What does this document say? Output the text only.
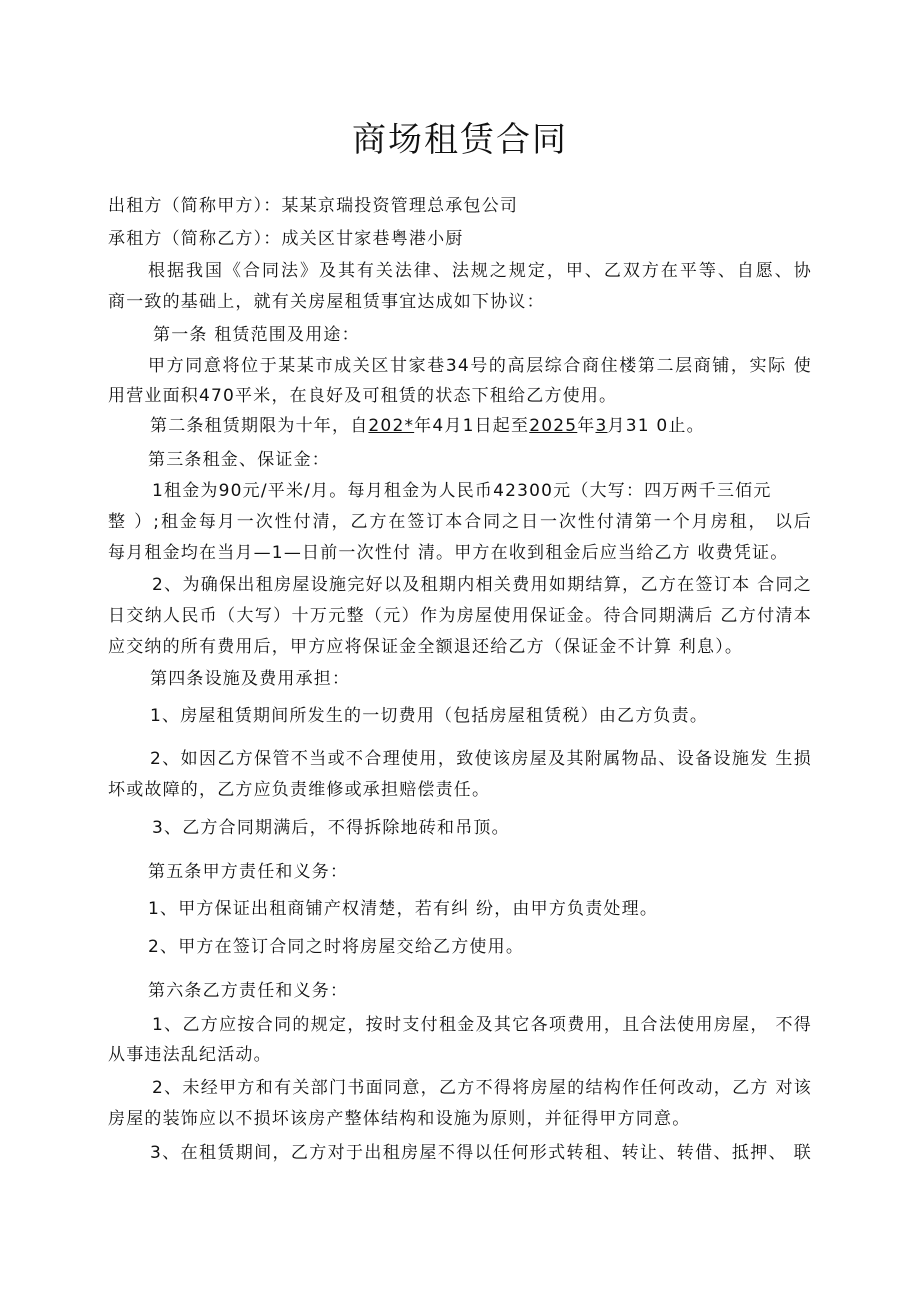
商场租赁合同
出租方（简称甲方）：某某京瑞投资管理总承包公司
承租方（简称乙方）：成关区甘家巷粤港小厨
根据我国《合同法》及其有关法律、法规之规定，甲、乙双方在平等、自愿、协
商一致的基础上，就有关房屋租赁事宜达成如下协议：
第一条 租赁范围及用途：
甲方同意将位于某某市成关区甘家巷34号的高层综合商住楼第二层商铺，实际 使
用营业面积470平米，在良好及可租赁的状态下租给乙方使用。
第二条租赁期限为十年，自202*年4月1日起至2025年3月31 0止。
第三条租金、保证金：
1租金为90元/平米/月。每月租金为人民币42300元（大写：四万两千三佰元
整 ）;租金每月一次性付清，乙方在签订本合同之日一次性付清第一个月房租， 以后
每月租金均在当月—1—日前一次性付 清。甲方在收到租金后应当给乙方 收费凭证。
2、为确保出租房屋设施完好以及租期内相关费用如期结算，乙方在签订本 合同之
日交纳人民币（大写）十万元整（元）作为房屋使用保证金。待合同期满后 乙方付清本
应交纳的所有费用后，甲方应将保证金全额退还给乙方（保证金不计算 利息）。
第四条设施及费用承担：
1、房屋租赁期间所发生的一切费用（包括房屋租赁税）由乙方负责。
2、如因乙方保管不当或不合理使用，致使该房屋及其附属物品、设备设施发 生损
坏或故障的，乙方应负责维修或承担赔偿责任。
3、乙方合同期满后，不得拆除地砖和吊顶。
第五条甲方责任和义务：
1、甲方保证出租商铺产权清楚，若有纠 纷，由甲方负责处理。
2、甲方在签订合同之时将房屋交给乙方使用。
第六条乙方责任和义务：
1、乙方应按合同的规定，按时支付租金及其它各项费用，且合法使用房屋， 不得
从事违法乱纪活动。
2、未经甲方和有关部门书面同意，乙方不得将房屋的结构作任何改动，乙方 对该
房屋的装饰应以不损坏该房产整体结构和设施为原则，并征得甲方同意。
3、在租赁期间，乙方对于出租房屋不得以任何形式转租、转让、转借、抵押、 联
